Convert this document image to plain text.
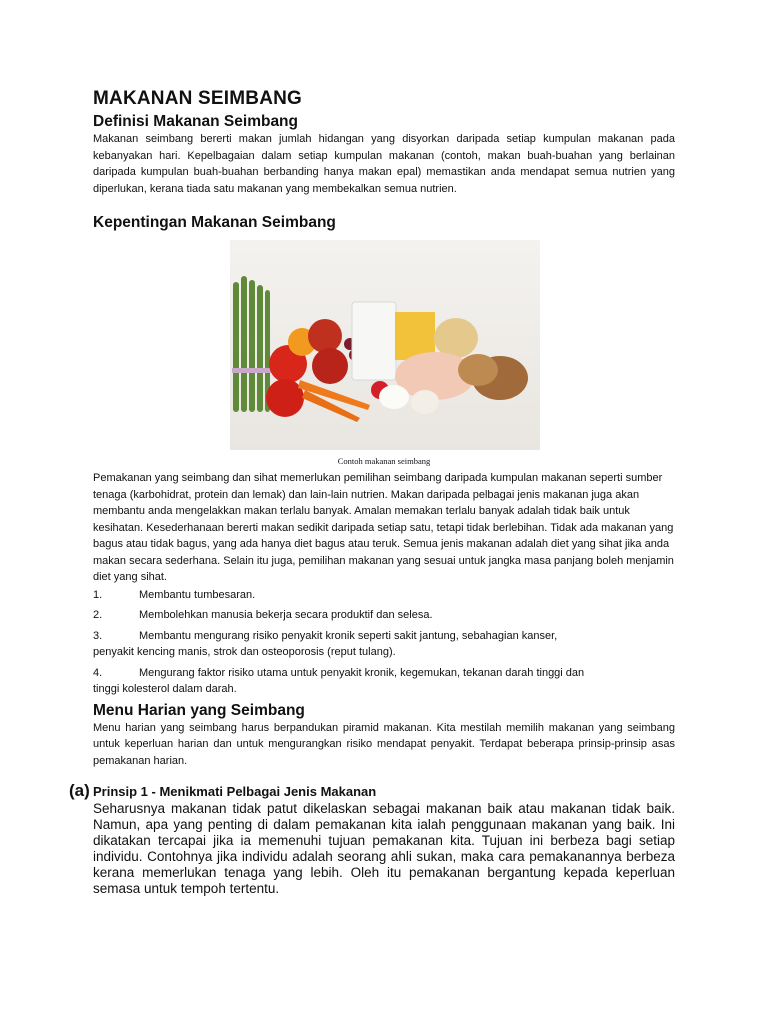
MAKANAN SEIMBANG
Definisi Makanan Seimbang

Makanan seimbang bererti makan jumlah hidangan yang disyorkan daripada setiap kumpulan makanan pada kebanyakan hari. Kepelbagaian dalam setiap kumpulan makanan (contoh, makan buah-buahan yang berlainan daripada kumpulan buah-buahan berbanding hanya makan epal) memastikan anda mendapat semua nutrien yang diperlukan, kerana tiada satu makanan yang membekalkan semua nutrien.

Kepentingan Makanan Seimbang
Contoh makanan seimbang

Pemakanan yang seimbang dan sihat memerlukan pemilihan seimbang daripada kumpulan makanan seperti sumber tenaga (karbohidrat, protein dan lemak) dan lain-lain nutrien. Makan daripada pelbagai jenis makanan juga akan membantu anda mengelakkan makan terlalu banyak. Amalan memakan terlalu banyak adalah tidak baik untuk kesihatan. Kesederhanaan bererti makan sedikit daripada setiap satu, tetapi tidak berlebihan. Tidak ada makanan yang bagus atau tidak bagus, yang ada hanya diet bagus atau teruk. Semua jenis makanan adalah diet yang sihat jika anda makan secara sederhana. Selain itu juga, pemilihan makanan yang sesuai untuk jangka masa panjang boleh menjamin diet yang sihat.

1.	Membantu tumbesaran.
2.	Membolehkan manusia bekerja secara produktif dan selesa.
3.	Membantu mengurang risiko penyakit kronik seperti sakit jantung, sebahagian kanser,
penyakit kencing manis, strok dan osteoporosis (reput tulang).
4.	Mengurang faktor risiko utama untuk penyakit kronik, kegemukan, tekanan darah tinggi dan
tinggi kolesterol dalam darah.
Menu Harian yang Seimbang

Menu harian yang seimbang harus berpandukan piramid makanan. Kita mestilah memilih makanan yang seimbang untuk keperluan harian dan untuk mengurangkan risiko mendapat penyakit. Terdapat beberapa prinsip-prinsip asas pemakanan harian.

(a) Prinsip 1 - Menikmati Pelbagai Jenis Makanan

Seharusnya makanan tidak patut dikelaskan sebagai makanan baik atau makanan tidak baik. Namun, apa yang penting di dalam pemakanan kita ialah penggunaan makanan yang baik. Ini dikatakan tercapai jika ia memenuhi tujuan pemakanan kita. Tujuan ini berbeza bagi setiap individu. Contohnya jika individu adalah seorang ahli sukan, maka cara pemakanannya berbeza kerana memerlukan tenaga yang lebih. Oleh itu pemakanan bergantung kepada keperluan semasa untuk tempoh tertentu.
